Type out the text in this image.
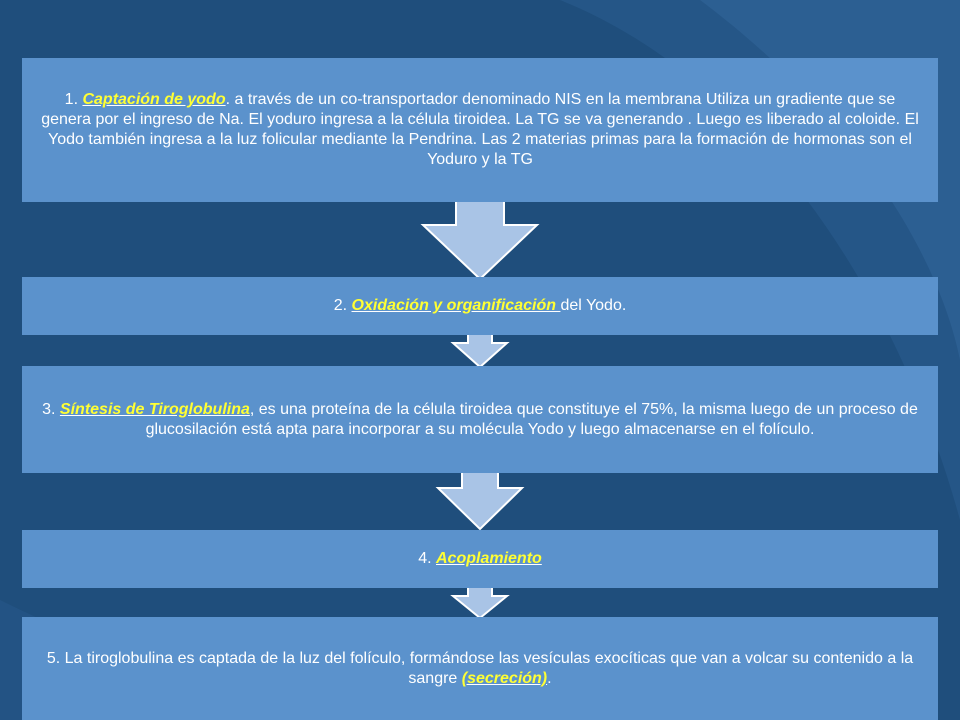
1. Captación de yodo. a través de un co-transportador denominado NIS en la membrana Utiliza un gradiente que se genera por el ingreso de Na. El yoduro ingresa a la célula tiroidea. La TG se va generando . Luego es liberado al coloide. El Yodo también ingresa a la luz folicular mediante la Pendrina. Las 2 materias primas para la formación de hormonas son el Yoduro y la TG
2. Oxidación y organificación del Yodo.
3. Síntesis de Tiroglobulina, es una proteína de la célula tiroidea que constituye el 75%, la misma luego de un proceso de glucosilación está apta para incorporar a su molécula Yodo y luego almacenarse en el folículo.
4. Acoplamiento
5. La tiroglobulina es captada de la luz del folículo, formándose las vesículas exocíticas que van a volcar su contenido a la sangre (secreción).
